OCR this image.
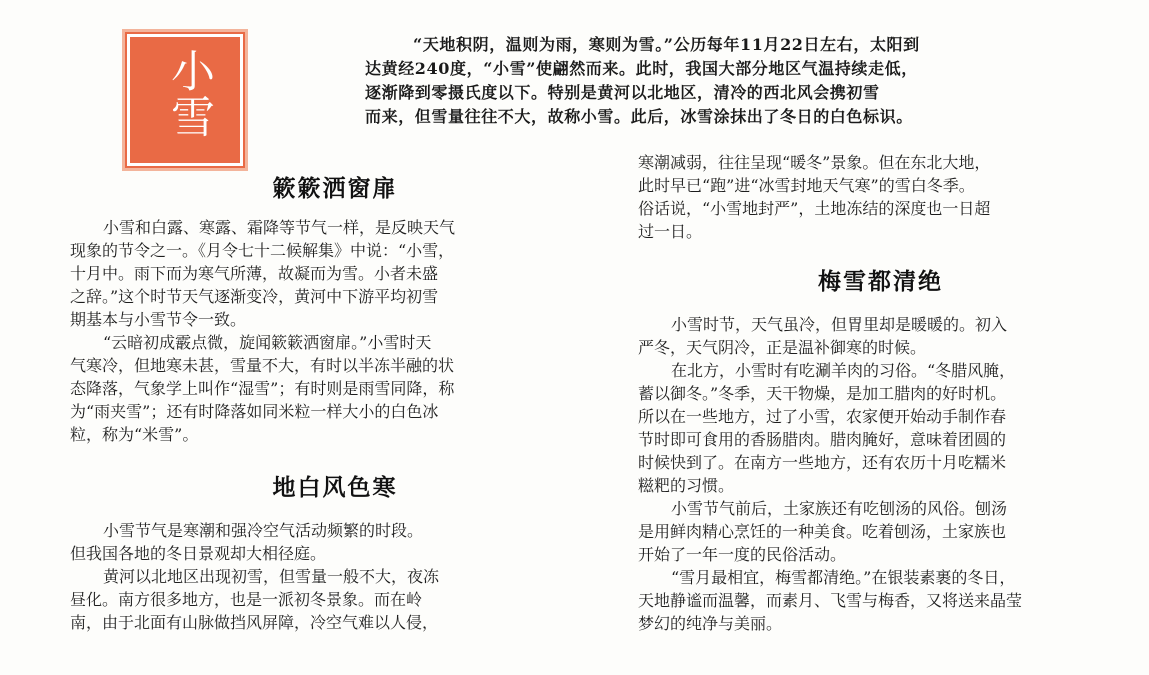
小雪

“天地积阴，温则为雨，寒则为雪。”公历每年11月22日左右，太阳到

达黄经240度，“小雪”使翩然而来。此时，我国大部分地区气温持续走低，

逐渐降到零摄氏度以下。特别是黄河以北地区，清冷的西北风会携初雪

而来，但雪量往往不大，故称小雪。此后，冰雪涂抹出了冬日的白色标识。

簌簌洒窗扉

小雪和白露、寒露、霜降等节气一样，是反映天气

现象的节令之一。《月令七十二候解集》中说：“小雪，

十月中。雨下而为寒气所薄，故凝而为雪。小者未盛

之辞。”这个时节天气逐渐变冷，黄河中下游平均初雪

期基本与小雪节令一致。

“云暗初成霰点微，旋闻簌簌洒窗扉。”小雪时天

气寒冷，但地寒未甚，雪量不大，有时以半冻半融的状

态降落，气象学上叫作“湿雪”；有时则是雨雪同降，称

为“雨夹雪”；还有时降落如同米粒一样大小的白色冰

粒，称为“米雪”。

地白风色寒

小雪节气是寒潮和强冷空气活动频繁的时段。

但我国各地的冬日景观却大相径庭。

黄河以北地区出现初雪，但雪量一般不大，夜冻

昼化。南方很多地方，也是一派初冬景象。而在岭

南，由于北面有山脉做挡风屏障，冷空气难以人侵，

寒潮减弱，往往呈现“暖冬”景象。但在东北大地，

此时早已“跑”进“冰雪封地天气寒”的雪白冬季。

俗话说，“小雪地封严”，土地冻结的深度也一日超

过一日。

梅雪都清绝

小雪时节，天气虽冷，但胃里却是暖暖的。初入

严冬，天气阴冷，正是温补御寒的时候。

在北方，小雪时有吃涮羊肉的习俗。“冬腊风腌，

蓄以御冬。”冬季，天干物燥，是加工腊肉的好时机。

所以在一些地方，过了小雪，农家便开始动手制作春

节时即可食用的香肠腊肉。腊肉腌好，意味着团圆的

时候快到了。在南方一些地方，还有农历十月吃糯米

糍粑的习惯。

小雪节气前后，土家族还有吃刨汤的风俗。刨汤

是用鲜肉精心烹饪的一种美食。吃着刨汤，土家族也

开始了一年一度的民俗活动。

“雪月最相宜，梅雪都清绝。”在银装素裹的冬日，

天地静谧而温馨，而素月、飞雪与梅香，又将送来晶莹

梦幻的纯净与美丽。
